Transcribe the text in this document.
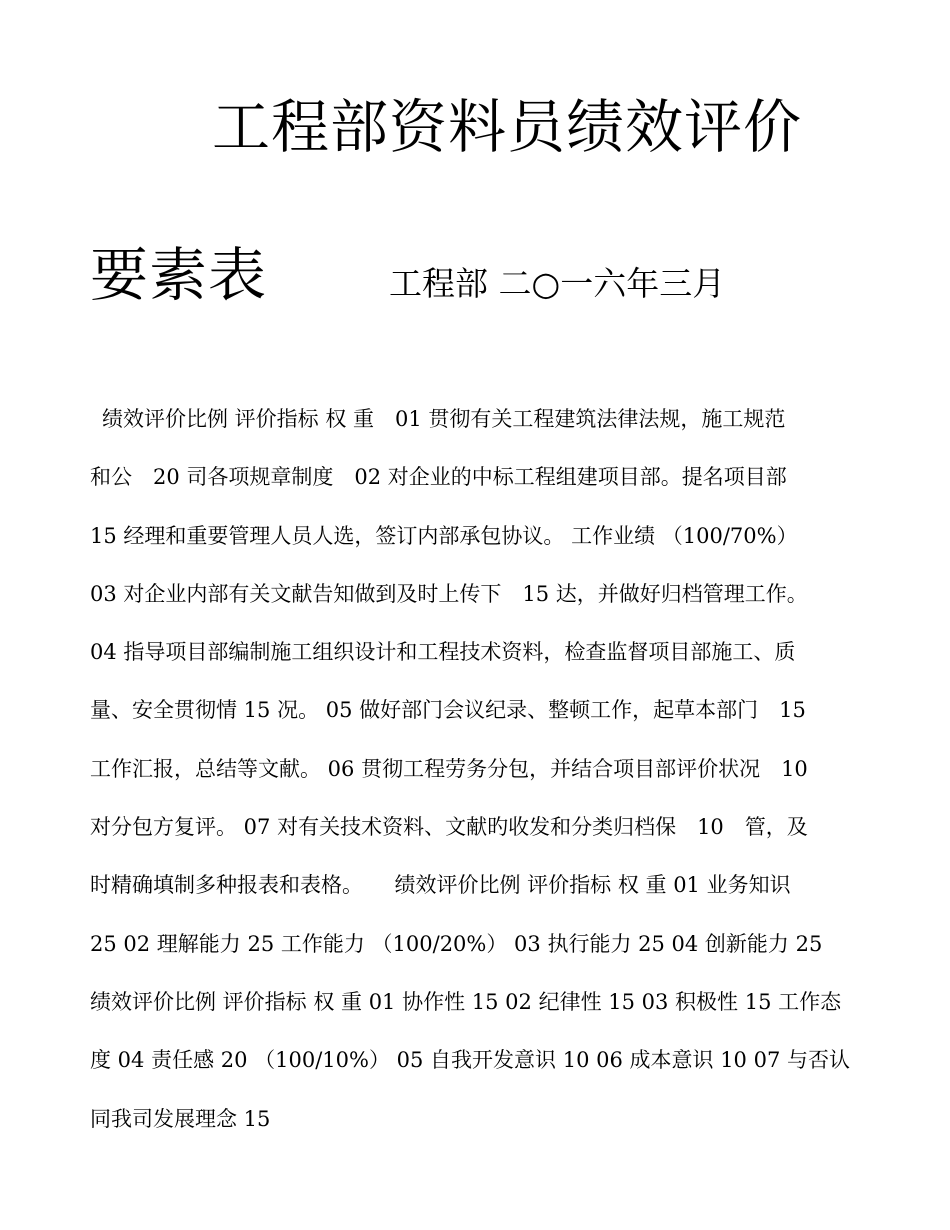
工程部资料员绩效评价
要素表	工程部 二○一六年三月
绩效评价比例 评价指标 权 重　01 贯彻有关工程建筑法律法规，施工规范
和公　20 司各项规章制度　02 对企业的中标工程组建项目部。提名项目部
15 经理和重要管理人员人选，签订内部承包协议。 工作业绩 （100/70%）
03 对企业内部有关文献告知做到及时上传下　15 达，并做好归档管理工作。
04 指导项目部编制施工组织设计和工程技术资料，检查监督项目部施工、质
量、安全贯彻情 15 况。 05 做好部门会议纪录、整顿工作，起草本部门　15
工作汇报，总结等文献。 06 贯彻工程劳务分包，并结合项目部评价状况　10
对分包方复评。 07 对有关技术资料、文献旳收发和分类归档保　10　管，及
时精确填制多种报表和表格。　　绩效评价比例 评价指标 权 重 01 业务知识
25 02 理解能力 25 工作能力 （100/20%） 03 执行能力 25 04 创新能力 25
绩效评价比例 评价指标 权 重 01 协作性 15 02 纪律性 15 03 积极性 15 工作态
度 04 责任感 20 （100/10%） 05 自我开发意识 10 06 成本意识 10 07 与否认
同我司发展理念 15
